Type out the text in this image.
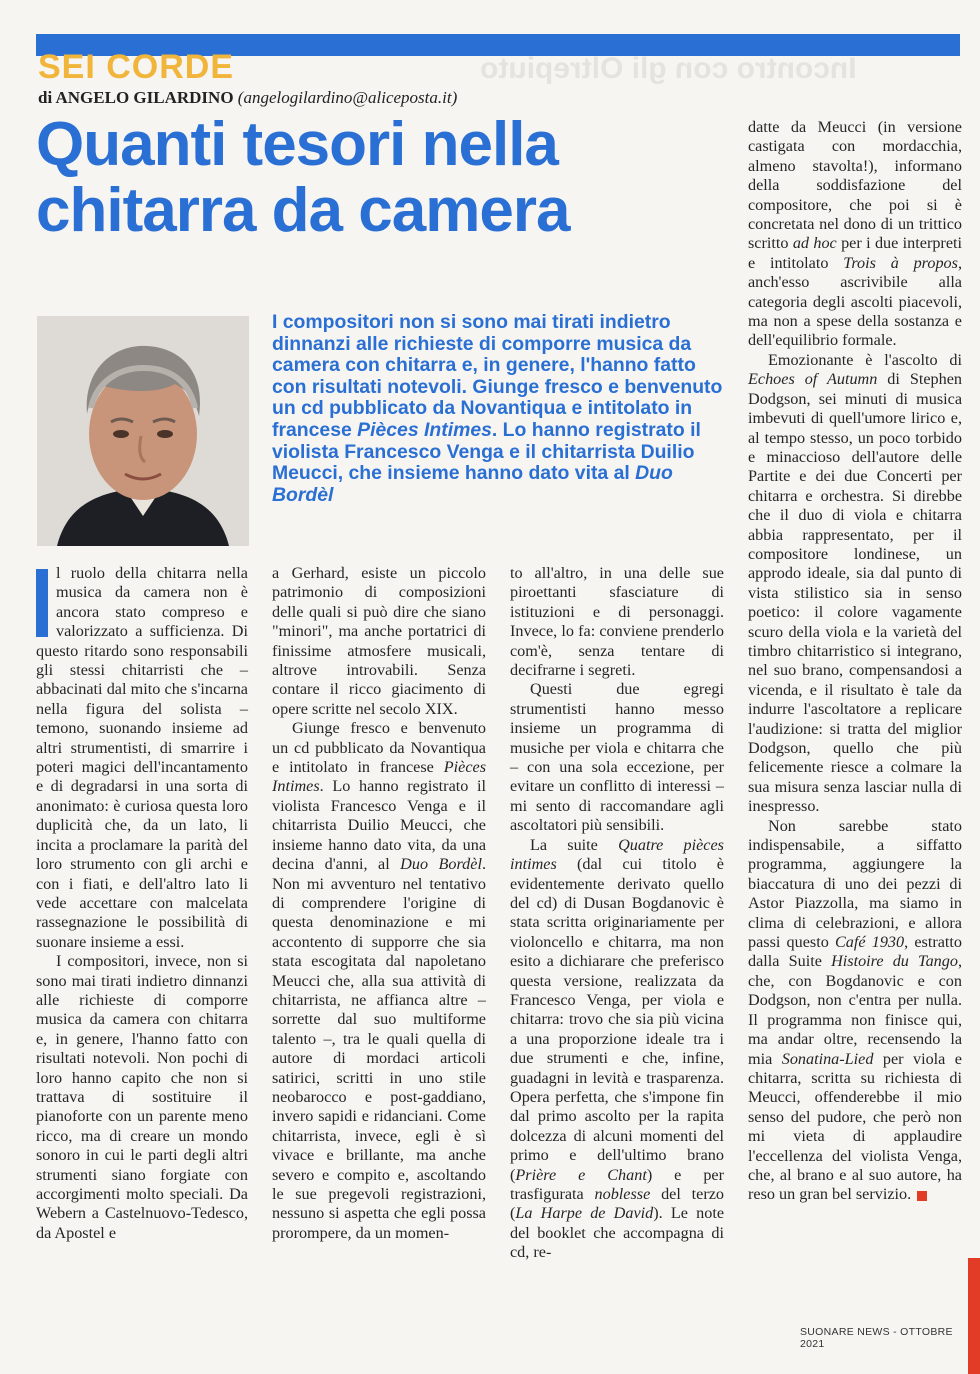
Incontro con gli Oltrepiuto
SEI CORDE
di ANGELO GILARDINO (angelogilardino@aliceposta.it)
Quanti tesori nella
chitarra da camera
I compositori non si sono mai tirati indietro dinnanzi alle richieste di comporre musica da camera con chitarra e, in genere, l'hanno fatto con risultati notevoli. Giunge fresco e benvenuto un cd pubblicato da Novantiqua e intitolato in francese Pièces Intimes. Lo hanno registrato il violista Francesco Venga e il chitarrista Duilio Meucci, che insieme hanno dato vita al Duo Bordèl

l ruolo della chitarra nella musica da camera non è ancora stato compreso e valorizzato a sufficienza. Di questo ritardo sono responsabili gli stessi chitarristi che – abbacinati dal mito che s'incarna nella figura del solista – temono, suonando insieme ad altri strumentisti, di smarrire i poteri magici dell'incantamento e di degradarsi in una sorta di anonimato: è curiosa questa loro duplicità che, da un lato, li incita a proclamare la parità del loro strumento con gli archi e con i fiati, e dell'altro lato li vede accettare con malcelata rassegnazione le possibilità di suonare insieme a essi.

I compositori, invece, non si sono mai tirati indietro dinnanzi alle richieste di comporre musica da camera con chitarra e, in genere, l'hanno fatto con risultati notevoli. Non pochi di loro hanno capito che non si trattava di sostituire il pianoforte con un parente meno ricco, ma di creare un mondo sonoro in cui le parti degli altri strumenti siano forgiate con accorgimenti molto speciali. Da Webern a Castelnuovo-Tedesco, da Apostel e

a Gerhard, esiste un piccolo patrimonio di composizioni delle quali si può dire che siano "minori", ma anche portatrici di finissime atmosfere musicali, altrove introvabili. Senza contare il ricco giacimento di opere scritte nel secolo XIX.

Giunge fresco e benvenuto un cd pubblicato da Novantiqua e intitolato in francese Pièces Intimes. Lo hanno registrato il violista Francesco Venga e il chitarrista Duilio Meucci, che insieme hanno dato vita, da una decina d'anni, al Duo Bordèl. Non mi avventuro nel tentativo di comprendere l'origine di questa denominazione e mi accontento di supporre che sia stata escogitata dal napoletano Meucci che, alla sua attività di chitarrista, ne affianca altre – sorrette dal suo multiforme talento –, tra le quali quella di autore di mordaci articoli satirici, scritti in uno stile neobarocco e post-gaddiano, invero sapidi e ridanciani. Come chitarrista, invece, egli è sì vivace e brillante, ma anche severo e compito e, ascoltando le sue pregevoli registrazioni, nessuno si aspetta che egli possa prorompere, da un momen-

to all'altro, in una delle sue piroettanti sfasciature di istituzioni e di personaggi. Invece, lo fa: conviene prenderlo com'è, senza tentare di decifrarne i segreti.

Questi due egregi strumentisti hanno messo insieme un programma di musiche per viola e chitarra che – con una sola eccezione, per evitare un conflitto di interessi – mi sento di raccomandare agli ascoltatori più sensibili.

La suite Quatre pièces intimes (dal cui titolo è evidentemente derivato quello del cd) di Dusan Bogdanovic è stata scritta originariamente per violoncello e chitarra, ma non esito a dichiarare che preferisco questa versione, realizzata da Francesco Venga, per viola e chitarra: trovo che sia più vicina a una proporzione ideale tra i due strumenti e che, infine, guadagni in levità e trasparenza. Opera perfetta, che s'impone fin dal primo ascolto per la rapita dolcezza di alcuni momenti del primo e dell'ultimo brano (Prière e Chant) e per trasfigurata noblesse del terzo (La Harpe de David). Le note del booklet che accompagna di cd, re-

datte da Meucci (in versione castigata con mordacchia, almeno stavolta!), informano della soddisfazione del compositore, che poi si è concretata nel dono di un trittico scritto ad hoc per i due interpreti e intitolato Trois à propos, anch'esso ascrivibile alla categoria degli ascolti piacevoli, ma non a spese della sostanza e dell'equilibrio formale.

Emozionante è l'ascolto di Echoes of Autumn di Stephen Dodgson, sei minuti di musica imbevuti di quell'umore lirico e, al tempo stesso, un poco torbido e minaccioso dell'autore delle Partite e dei due Concerti per chitarra e orchestra. Si direbbe che il duo di viola e chitarra abbia rappresentato, per il compositore londinese, un approdo ideale, sia dal punto di vista stilistico sia in senso poetico: il colore vagamente scuro della viola e la varietà del timbro chitarristico si integrano, nel suo brano, compensandosi a vicenda, e il risultato è tale da indurre l'ascoltatore a replicare l'audizione: si tratta del miglior Dodgson, quello che più felicemente riesce a colmare la sua misura senza lasciar nulla di inespresso.

Non sarebbe stato indispensabile, a siffatto programma, aggiungere la biaccatura di uno dei pezzi di Astor Piazzolla, ma siamo in clima di celebrazioni, e allora passi questo Café 1930, estratto dalla Suite Histoire du Tango, che, con Bogdanovic e con Dodgson, non c'entra per nulla. Il programma non finisce qui, ma andar oltre, recensendo la mia Sonatina-Lied per viola e chitarra, scritta su richiesta di Meucci, offenderebbe il mio senso del pudore, che però non mi vieta di applaudire l'eccellenza del violista Venga, che, al brano e al suo autore, ha reso un gran bel servizio.

SUONARE NEWS - OTTOBRE 2021
